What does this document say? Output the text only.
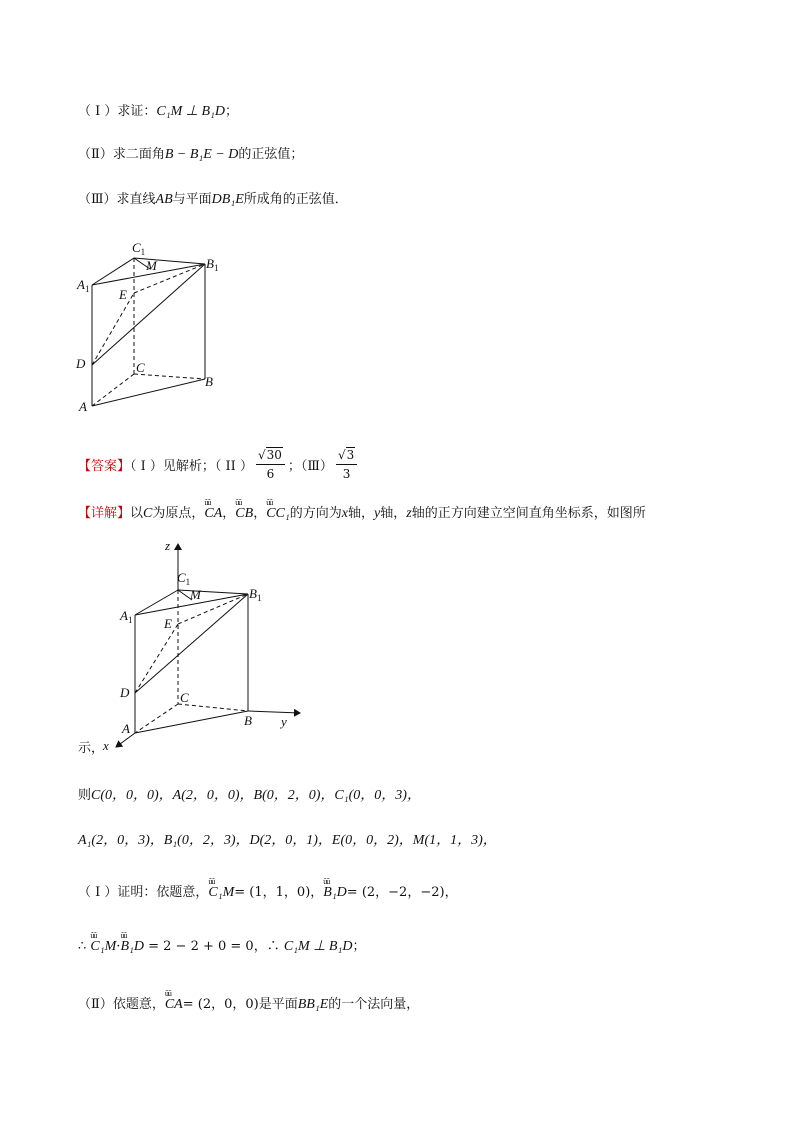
（ I ）求证：C₁M ⊥ B₁D；
（Ⅱ）求二面角B − B₁E − D的正弦值；
（Ⅲ）求直线AB与平面DB₁E所成角的正弦值．
$C_1$
M	$B_1$
$A_1$ E
D	C
B
A
【答案】（ I ）见解析；（ II ） $\frac{√30}{6}$ ；（Ⅲ） $\frac{√3}{3}$
【详解】以C为原点，ũũ CA，ũũ CB，ũũ CC₁的方向为x轴，y轴，z轴的正方向建立空间直角坐标系，如图所
z
$C_1$
M	$B_1$
$A_1$ E
D	C
A
B y
x
示，
则C(0，0，0)，A(2，0，0)，B(0，2，0)，C₁(0，0，3)，
A₁(2，0，3)，B₁(0，2，3)，D(2，0，1)，E(0，0，2)，M(1，1，3)，
（ I ）证明：依题意，ũũ C₁M= (1，1，0)，ũũ B₁D= (2，−2，−2)，
∴ ũũ C₁M·ũũ B₁D = 2 − 2 + 0 = 0，∴ C₁M ⊥ B₁D；
（Ⅱ）依题意，ũũ CA= (2，0，0)是平面BB₁E的一个法向量，
